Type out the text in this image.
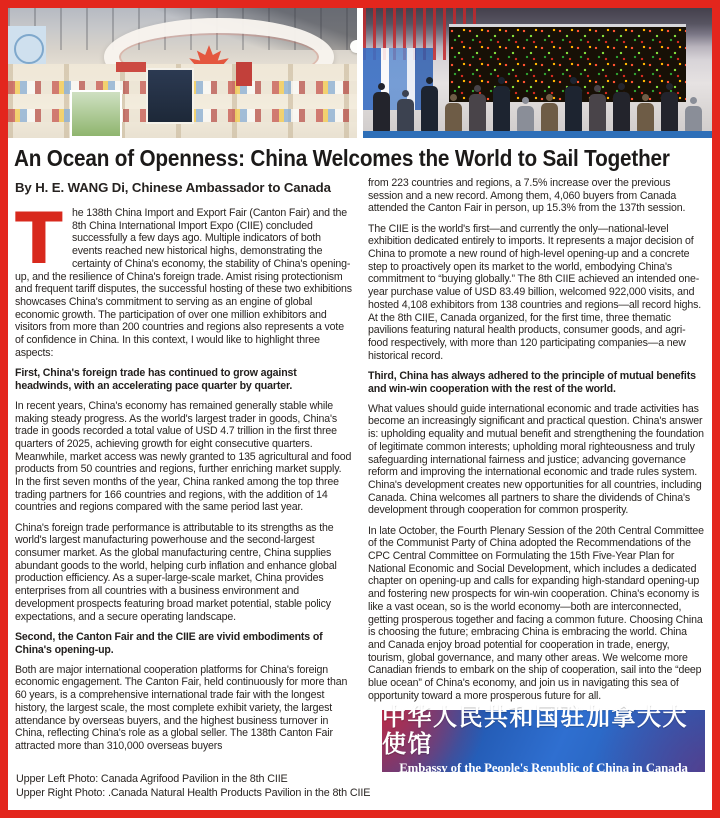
An Ocean of Openness: China Welcomes the World to Sail Together
By H. E. WANG Di, Chinese Ambassador to Canada

The 138th China Import and Export Fair (Canton Fair) and the 8th China International Import Expo (CIIE) concluded successfully a few days ago. Multiple indicators of both events reached new historical highs, demonstrating the certainty of China's economy, the stability of China's opening-up, and the resilience of China's foreign trade. Amist rising protectionism and frequent tariff disputes, the successful hosting of these two exhibitions showcases China's commitment to serving as an engine of global economic growth. The participation of over one million exhibitors and visitors from more than 200 countries and regions also represents a vote of confidence in China. In this context, I would like to highlight three aspects:

First, China's foreign trade has continued to grow against headwinds, with an accelerating pace quarter by quarter.

In recent years, China's economy has remained generally stable while making steady progress. As the world's largest trader in goods, China's trade in goods recorded a total value of USD 4.7 trillion in the first three quarters of 2025, achieving growth for eight consecutive quarters. Meanwhile, market access was newly granted to 135 agricultural and food products from 50 countries and regions, further enriching market supply. In the first seven months of the year, China ranked among the top three trading partners for 166 countries and regions, with the addition of 14 countries and regions compared with the same period last year.

China's foreign trade performance is attributable to its strengths as the world's largest manufacturing powerhouse and the second-largest consumer market. As the global manufacturing centre, China supplies abundant goods to the world, helping curb inflation and enhance global production efficiency. As a super-large-scale market, China provides enterprises from all countries with a business environment and development prospects featuring broad market potential, stable policy expectations, and a secure operating landscape.

Second, the Canton Fair and the CIIE are vivid embodiments of China's opening-up.

Both are major international cooperation platforms for China's foreign economic engagement. The Canton Fair, held continuously for more than 60 years, is a comprehensive international trade fair with the longest history, the largest scale, the most complete exhibit variety, the largest attendance by overseas buyers, and the highest business turnover in China, reflecting China's role as a global seller. The 138th Canton Fair attracted more than 310,000 overseas buyers

from 223 countries and regions, a 7.5% increase over the previous session and a new record. Among them, 4,060 buyers from Canada attended the Canton Fair in person, up 15.3% from the 137th session.

The CIIE is the world's first—and currently the only—national-level exhibition dedicated entirely to imports. It represents a major decision of China to promote a new round of high-level opening-up and a concrete step to proactively open its market to the world, embodying China's commitment to “buying globally.” The 8th CIIE achieved an intended one-year purchase value of USD 83.49 billion, welcomed 922,000 visits, and hosted 4,108 exhibitors from 138 countries and regions—all record highs. At the 8th CIIE, Canada organized, for the first time, three thematic pavilions featuring natural health products, consumer goods, and agri-food respectively, with more than 120 participating companies—a new historical record.

Third, China has always adhered to the principle of mutual benefits and win-win cooperation with the rest of the world.

What values should guide international economic and trade activities has become an increasingly significant and practical question. China's answer is: upholding equality and mutual benefit and strengthening the foundation of legitimate common interests; upholding moral righteousness and truly safeguarding international fairness and justice; advancing governance reform and improving the international economic and trade rules system. China's development creates new opportunities for all countries, including Canada. China welcomes all partners to share the dividends of China's development through cooperation for common prosperity.

In late October, the Fourth Plenary Session of the 20th Central Committee of the Communist Party of China adopted the Recommendations of the CPC Central Committee on Formulating the 15th Five-Year Plan for National Economic and Social Development, which includes a dedicated chapter on opening-up and calls for expanding high-standard opening-up and fostering new prospects for win-win cooperation. China's economy is like a vast ocean, so is the world economy—both are interconnected, getting prosperous together and facing a common future. Choosing China is choosing the future; embracing China is embracing the world. China and Canada enjoy broad potential for cooperation in trade, energy, tourism, global governance, and many other areas. We welcome more Canadian friends to embark on the ship of cooperation, sail into the “deep blue ocean” of China's economy, and join us in navigating this sea of opportunity toward a more prosperous future for all.

中华人民共和国驻加拿大大使馆
Embassy of the People's Republic of China in Canada
Upper Left Photo: Canada Agrifood Pavilion in the 8th CIIE
Upper Right Photo: .Canada Natural Health Products Pavilion in the 8th CIIE
